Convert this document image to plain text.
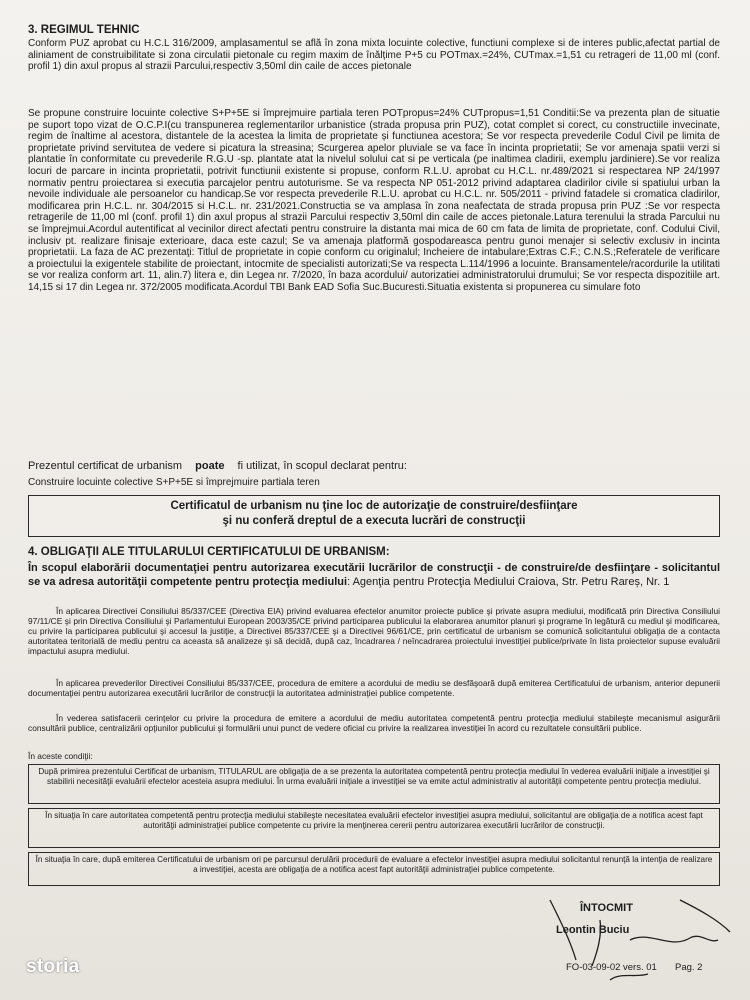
3. REGIMUL TEHNIC

Conform PUZ aprobat cu H.C.L 316/2009, amplasamentul se află în zona mixta locuinte colective, functiuni complexe si de interes public,afectat partial de aliniament de construibilitate si zona circulatii pietonale cu regim maxim de înălțime P+5 cu POTmax.=24%, CUTmax.=1,51 cu retrageri de 11,00 ml (conf. profil 1) din axul propus al strazii Parcului,respectiv 3,50ml din caile de acces pietonale

Se propune construire locuinte colective S+P+5E si împrejmuire partiala teren POTpropus=24% CUTpropus=1,51 Conditii:Se va prezenta plan de situatie pe suport topo vizat de O.C.P.I(cu transpunerea reglementarilor urbanistice (strada propusa prin PUZ), cotat complet si corect, cu constructiile invecinate, regim de înaltime al acestora, distantele de la acestea la limita de proprietate și functiunea acestora; Se vor respecta prevederile Codul Civil pe limita de proprietate privind servitutea de vedere si picatura la streasina; Scurgerea apelor pluviale se va face în incinta proprietatii; Se vor amenaja spatii verzi si plantatie în conformitate cu prevederile R.G.U -sp. plantate atat la nivelul solului cat si pe verticala (pe inaltimea cladirii, exemplu jardiniere).Se vor realiza locuri de parcare in incinta proprietatii, potrivit functiunii existente si propuse, conform R.L.U. aprobat cu H.C.L. nr.489/2021 si respectarea NP 24/1997 normativ pentru proiectarea si executia parcajelor pentru autoturisme. Se va respecta NP 051-2012 privind adaptarea cladirilor civile si spatiului urban la nevoile individuale ale persoanelor cu handicap.Se vor respecta prevederile R.L.U. aprobat cu H.C.L. nr. 505/2011 - privind fatadele si cromatica cladirilor, modificarea prin H.C.L. nr. 304/2015 si H.C.L. nr. 231/2021.Constructia se va amplasa în zona neafectata de strada propusa prin PUZ :Se vor respecta retragerile de 11,00 ml (conf. profil 1) din axul propus al strazii Parcului respectiv 3,50ml din caile de acces pietonale.Latura terenului la strada Parcului nu se împrejmui.Acordul autentificat al vecinilor direct afectati pentru construire la distanta mai mica de 60 cm fata de limita de proprietate, conf. Codului Civil, inclusiv pt. realizare finisaje exterioare, daca este cazul; Se va amenaja platformă gospodareasca pentru gunoi menajer si selectiv exclusiv in incinta proprietatii. La faza de AC prezentaţi: Titlul de proprietate in copie conform cu originalul; Incheiere de intabulare;Extras C.F.; C.N.S.;Referatele de verificare a proiectului la exigentele stabilite de proiectant, intocmite de specialisti autorizati;Se va respecta L.114/1996 a locuinte. Bransamentele/racordurile la utilitati se vor realiza conform art. 11, alin.7) litera e, din Legea nr. 7/2020, în baza acordului/ autorizatiei administratorului drumului; Se vor respecta dispozitiile art. 14,15 si 17 din Legea nr. 372/2005 modificata.Acordul TBI Bank EAD Sofia Suc.Bucuresti.Situatia existenta si propunerea cu simulare foto

Prezentul certificat de urbanism poate fi utilizat, în scopul declarat pentru:
Construire locuinte colective S+P+5E si împrejmuire partiala teren
Certificatul de urbanism nu ţine loc de autorizaţie de construire/desfiinţare
şi nu conferă dreptul de a executa lucrări de construcţii
4. OBLIGAŢII ALE TITULARULUI CERTIFICATULUI DE URBANISM:

În scopul elaborării documentaţiei pentru autorizarea executării lucrărilor de construcţii - de construire/de desfiinţare - solicitantul se va adresa autorităţii competente pentru protecţia mediului: Agenţia pentru Protecţia Mediului Craiova, Str. Petru Rareș, Nr. 1

În aplicarea Directivei Consiliului 85/337/CEE (Directiva EIA) privind evaluarea efectelor anumitor proiecte publice şi private asupra mediului, modificată prin Directiva Consiliului 97/11/CE şi prin Directiva Consiliului şi Parlamentului European 2003/35/CE privind participarea publicului la elaborarea anumitor planuri şi programe în legătură cu mediul şi modificarea, cu privire la participarea publicului şi accesul la justiţie, a Directivei 85/337/CEE şi a Directivei 96/61/CE, prin certificatul de urbanism se comunică solicitantului obligaţia de a contacta autoritatea teritorială de mediu pentru ca aceasta să analizeze şi să decidă, după caz, încadrarea / neîncadrarea proiectului investiţiei publice/private în lista proiectelor supuse evaluării impactului asupra mediului.

În aplicarea prevederilor Directivei Consiliului 85/337/CEE, procedura de emitere a acordului de mediu se desfăşoară după emiterea Certificatului de urbanism, anterior depunerii documentaţiei pentru autorizarea executării lucrărilor de construcţii la autoritatea administraţiei publice competente.

În vederea satisfacerii cerinţelor cu privire la procedura de emitere a acordului de mediu autoritatea competentă pentru protecţia mediului stabileşte mecanismul asigurării consultării publice, centralizării opţiunilor publicului şi formulării unui punct de vedere oficial cu privire la realizarea investiţiei în acord cu rezultatele consultării publice.

În aceste condiţii:
După primirea prezentului Certificat de urbanism, TITULARUL are obligaţia de a se prezenta la autoritatea competentă pentru protecţia mediului în vederea evaluării iniţiale a investiţiei şi stabilirii necesităţii evaluării efectelor acesteia asupra mediului. În urma evaluării iniţiale a investiţiei se va emite actul administrativ al autorităţii competente pentru protecţia mediului.
În situaţia în care autoritatea competentă pentru protecţia mediului stabileşte necesitatea evaluării efectelor investiţiei asupra mediului, solicitantul are obligaţia de a notifica acest fapt autorităţii administraţiei publice competente cu privire la menţinerea cererii pentru autorizarea executării lucrărilor de construcţii.
În situaţia în care, după emiterea Certificatului de urbanism ori pe parcursul derulării procedurii de evaluare a efectelor investiţiei asupra mediului solicitantul renunţă la intenţia de realizare a investiţiei, acesta are obligaţia de a notifica acest fapt autorităţii administraţiei publice competente.
ÎNTOCMIT
Leontin Buciu
FO-03-09-02 vers. 01 Pag. 2
storia
